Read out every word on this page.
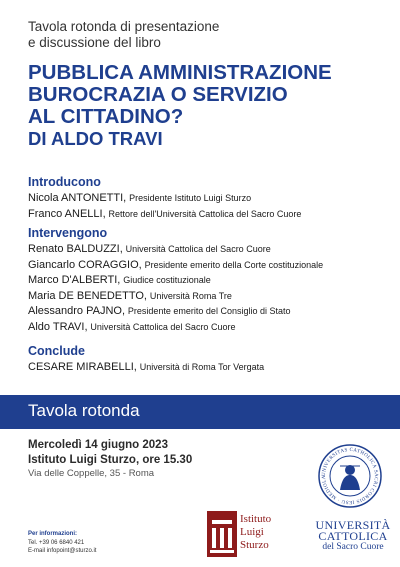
Tavola rotonda di presentazione
e discussione del libro
PUBBLICA AMMINISTRAZIONE
BUROCRAZIA O SERVIZIO
AL CITTADINO?
DI ALDO TRAVI
Introducono
Nicola ANTONETTI, Presidente Istituto Luigi Sturzo
Franco ANELLI, Rettore dell'Università Cattolica del Sacro Cuore
Intervengono
Renato BALDUZZI, Università Cattolica del Sacro Cuore
Giancarlo CORAGGIO, Presidente emerito della Corte costituzionale
Marco D'ALBERTI, Giudice costituzionale
Maria DE BENEDETTO, Università Roma Tre
Alessandro PAJNO, Presidente emerito del Consiglio di Stato
Aldo TRAVI, Università Cattolica del Sacro Cuore
Conclude
CESARE MIRABELLI, Università di Roma Tor Vergata
Tavola rotonda
Mercoledì 14 giugno 2023
Istituto Luigi Sturzo, ore 15.30
Via delle Coppelle, 35 - Roma
Per informazioni:
Tel. +39 06 6840 421
E-mail infopoint@sturzo.it
Istituto
Luigi
Sturzo
UNIVERSITAS CATHOLICA SACRI CORDIS IESU · MEDIOLA
UNIVERSITÀ
CATTOLICA
del Sacro Cuore
